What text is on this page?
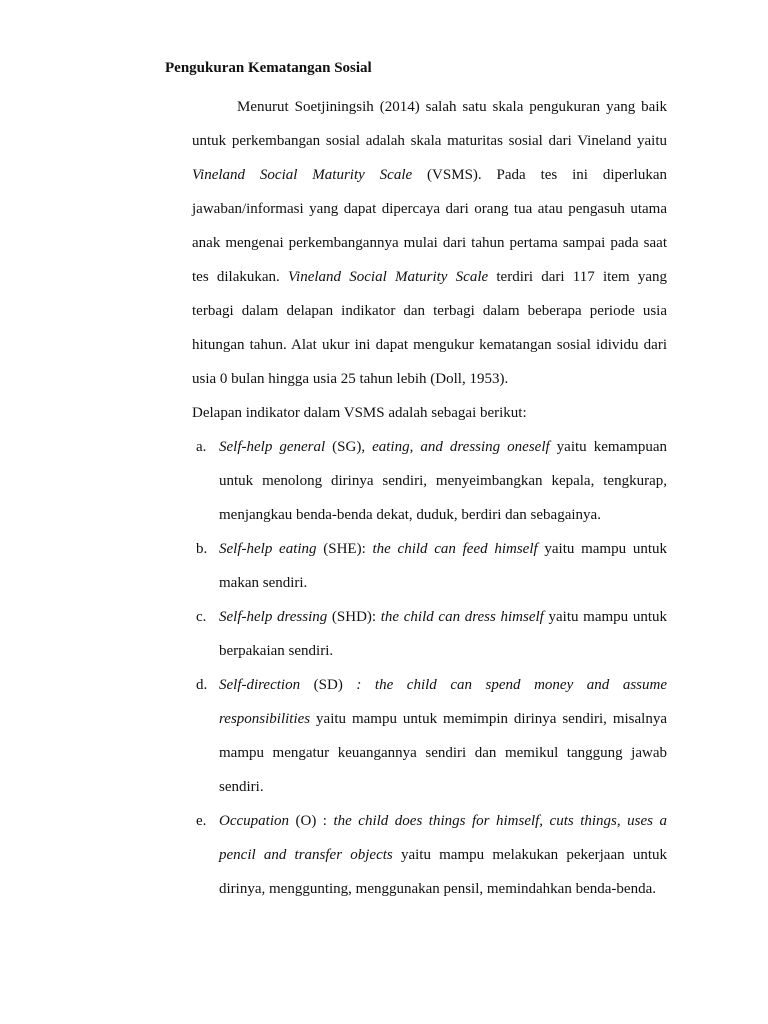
Pengukuran Kematangan Sosial

Menurut Soetjiningsih (2014) salah satu skala pengukuran yang baik untuk perkembangan sosial adalah skala maturitas sosial dari Vineland yaitu Vineland Social Maturity Scale (VSMS). Pada tes ini diperlukan jawaban/informasi yang dapat dipercaya dari orang tua atau pengasuh utama anak mengenai perkembangannya mulai dari tahun pertama sampai pada saat tes dilakukan. Vineland Social Maturity Scale terdiri dari 117 item yang terbagi dalam delapan indikator dan terbagi dalam beberapa periode usia hitungan tahun. Alat ukur ini dapat mengukur kematangan sosial idividu dari usia 0 bulan hingga usia 25 tahun lebih (Doll, 1953).

Delapan indikator dalam VSMS adalah sebagai berikut:

a. Self-help general (SG), eating, and dressing oneself yaitu kemampuan untuk menolong dirinya sendiri, menyeimbangkan kepala, tengkurap, menjangkau benda-benda dekat, duduk, berdiri dan sebagainya.
b. Self-help eating (SHE): the child can feed himself yaitu mampu untuk makan sendiri.
c. Self-help dressing (SHD): the child can dress himself yaitu mampu untuk berpakaian sendiri.
d. Self-direction (SD) : the child can spend money and assume responsibilities yaitu mampu untuk memimpin dirinya sendiri, misalnya mampu mengatur keuangannya sendiri dan memikul tanggung jawab sendiri.
e. Occupation (O) : the child does things for himself, cuts things, uses a pencil and transfer objects yaitu mampu melakukan pekerjaan untuk dirinya, menggunting, menggunakan pensil, memindahkan benda-benda.
